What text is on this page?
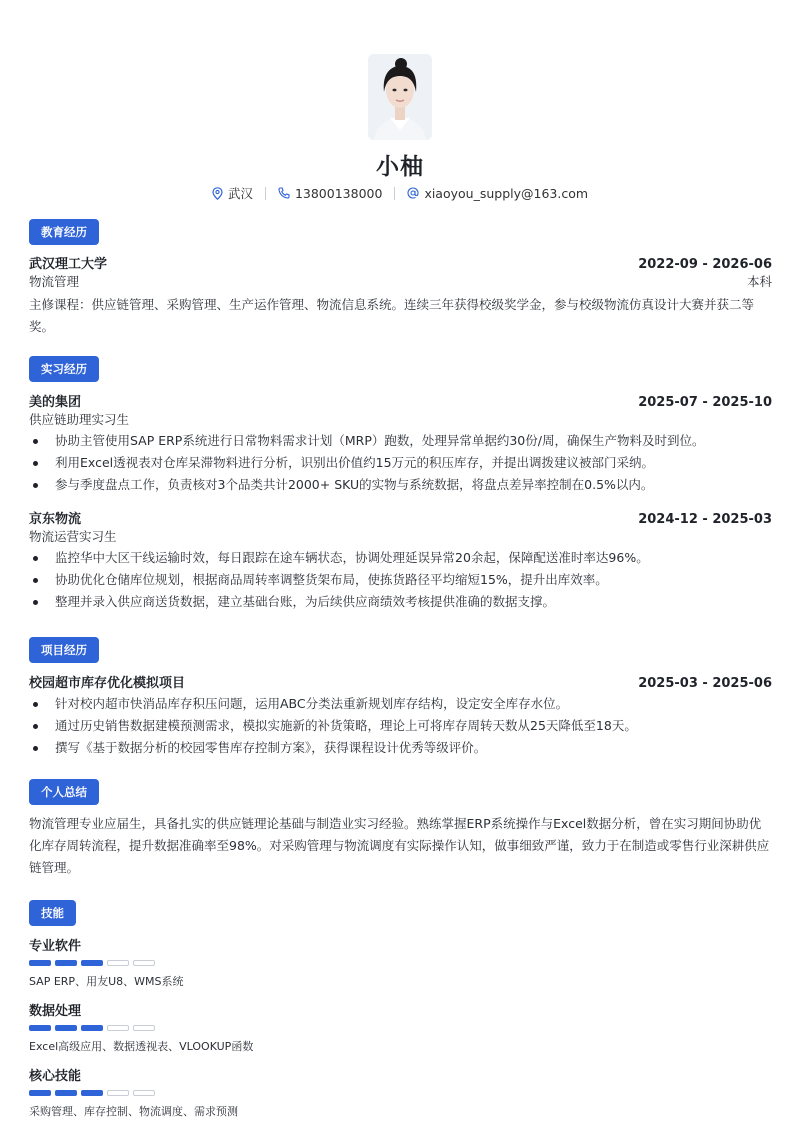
小柚
武汉	13800138000	xiaoyou_supply@163.com
教育经历
武汉理工大学	2022-09 - 2026-06
物流管理	本科
主修课程：供应链管理、采购管理、生产运作管理、物流信息系统。连续三年获得校级奖学金，参与校级物流仿真设计大赛并获二等奖。
实习经历
美的集团	2025-07 - 2025-10
供应链助理实习生
协助主管使用SAP ERP系统进行日常物料需求计划（MRP）跑数，处理异常单据约30份/周，确保生产物料及时到位。
利用Excel透视表对仓库呆滞物料进行分析，识别出价值约15万元的积压库存，并提出调拨建议被部门采纳。
参与季度盘点工作，负责核对3个品类共计2000+ SKU的实物与系统数据，将盘点差异率控制在0.5%以内。
京东物流	2024-12 - 2025-03
物流运营实习生
监控华中大区干线运输时效，每日跟踪在途车辆状态，协调处理延误异常20余起，保障配送准时率达96%。
协助优化仓储库位规划，根据商品周转率调整货架布局，使拣货路径平均缩短15%，提升出库效率。
整理并录入供应商送货数据，建立基础台账，为后续供应商绩效考核提供准确的数据支撑。
项目经历
校园超市库存优化模拟项目	2025-03 - 2025-06
针对校内超市快消品库存积压问题，运用ABC分类法重新规划库存结构，设定安全库存水位。
通过历史销售数据建模预测需求，模拟实施新的补货策略，理论上可将库存周转天数从25天降低至18天。
撰写《基于数据分析的校园零售库存控制方案》，获得课程设计优秀等级评价。
个人总结
物流管理专业应届生，具备扎实的供应链理论基础与制造业实习经验。熟练掌握ERP系统操作与Excel数据分析，曾在实习期间协助优化库存周转流程，提升数据准确率至98%。对采购管理与物流调度有实际操作认知，做事细致严谨，致力于在制造或零售行业深耕供应链管理。
技能
专业软件
SAP ERP、用友U8、WMS系统
数据处理
Excel高级应用、数据透视表、VLOOKUP函数
核心技能
采购管理、库存控制、物流调度、需求预测
